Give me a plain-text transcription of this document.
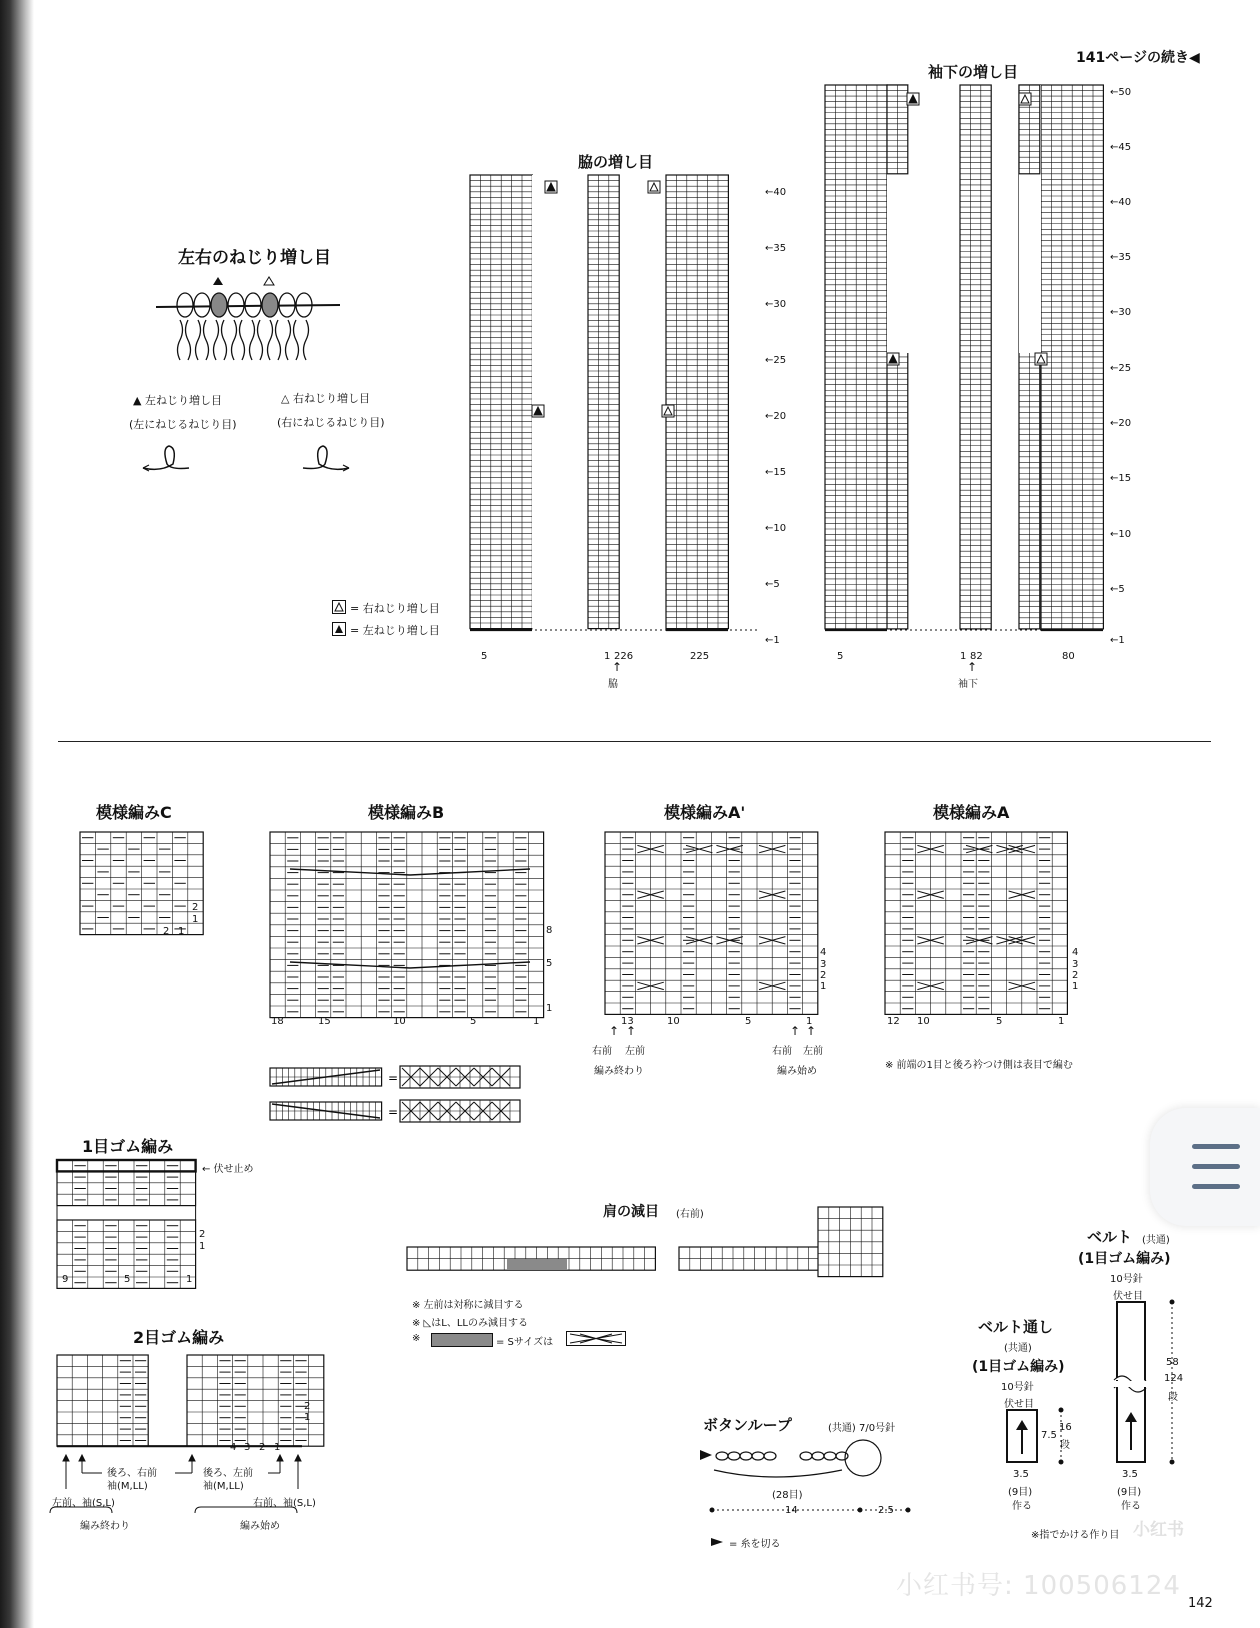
141ページの続き◀
142
左右のねじり増し目
▲ 左ねじり増し目
(左にねじるねじり目)
△ 右ねじり増し目
(右にねじるねじり目)
= 右ねじり増し目
= 左ねじり増し目
脇の増し目
←40
←35
←30
←25
←20
←15
←10
←5
←1
5	1 226	225
↑
脇
袖下の増し目
←50
←45
←40
←35
←30
←25
←20
←15
←10
←5
←1
5	1 82	80
↑
袖下
模様編みC
2
1
2 1
模様編みB
8
5
1
18	15	10	5	1
=
=
模様編みA'
4
3
2
1
13	10	5	1
↑ ↑
右前 左前
編み終わり
↑ ↑
右前 左前
編み始め
模様編みA
4
3
2
1
12 10	5	1
※ 前端の1目と後ろ衿つけ側は表目で編む
1目ゴム編み
← 伏せ止め
2
1
9	5	1
2目ゴム編み
2
1
4 3 2 1
後ろ、右前
袖(M,LL)
後ろ、左前
袖(M,LL)
左前、袖(S,L)	右前、袖(S,L)
編み終わり	編み始め
肩の減目 (右前)
※ 左前は対称に減目する
※ ◺はL、LLのみ減目する
※	= Sサイズは
ボタンループ	(共通) 7/0号針
(28目)
14	2.5
= 糸を切る
ベルト通し
(共通)
(1目ゴム編み)
10号針
伏せ目
7.5
16
段
3.5
(9目)
作る
ベルト (共通)
(1目ゴム編み)
10号針
伏せ目
58
124
段
3.5
(9目)
作る
※指でかける作り目
小红书号: 100506124
小红书
